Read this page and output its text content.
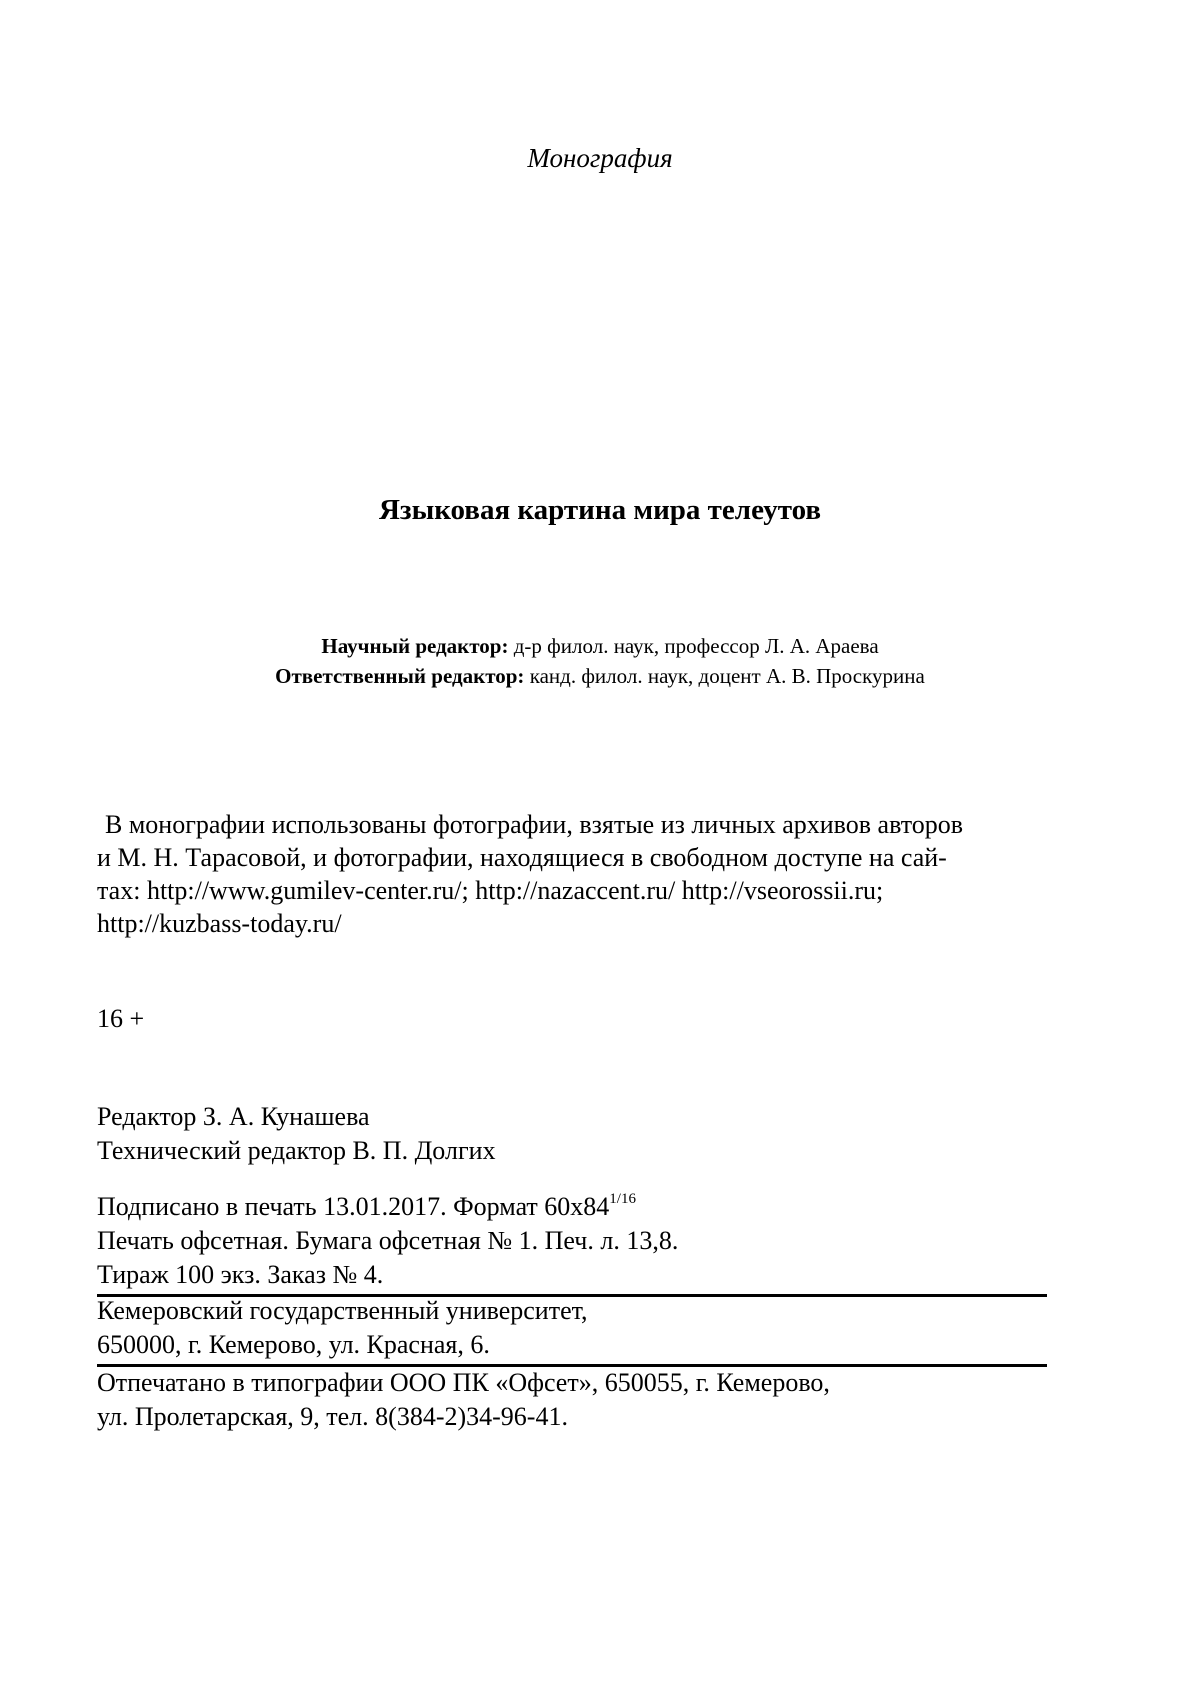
Монография
Языковая картина мира телеутов
Научный редактор: д-р филол. наук, профессор Л. А. Араева
Ответственный редактор: канд. филол. наук, доцент А. В. Проскурина

В монографии использованы фотографии, взятые из личных архивов авторов

и М. Н. Тарасовой, и фотографии, находящиеся в свободном доступе на сай-

тах: http://www.gumilev-center.ru/; http://nazaccent.ru/ http://vseorossii.ru;

http://kuzbass-today.ru/

16 +

Редактор З. А. Кунашева

Технический редактор В. П. Долгих

Подписано в печать 13.01.2017. Формат $60х84^{1/16}$

Печать офсетная. Бумага офсетная № 1. Печ. л. 13,8.

Тираж 100 экз. Заказ № 4.

Кемеровский государственный университет,

650000, г. Кемерово, ул. Красная, 6.

Отпечатано в типографии ООО ПК «Офсет», 650055, г. Кемерово,

ул. Пролетарская, 9, тел. 8(384-2)34-96-41.
